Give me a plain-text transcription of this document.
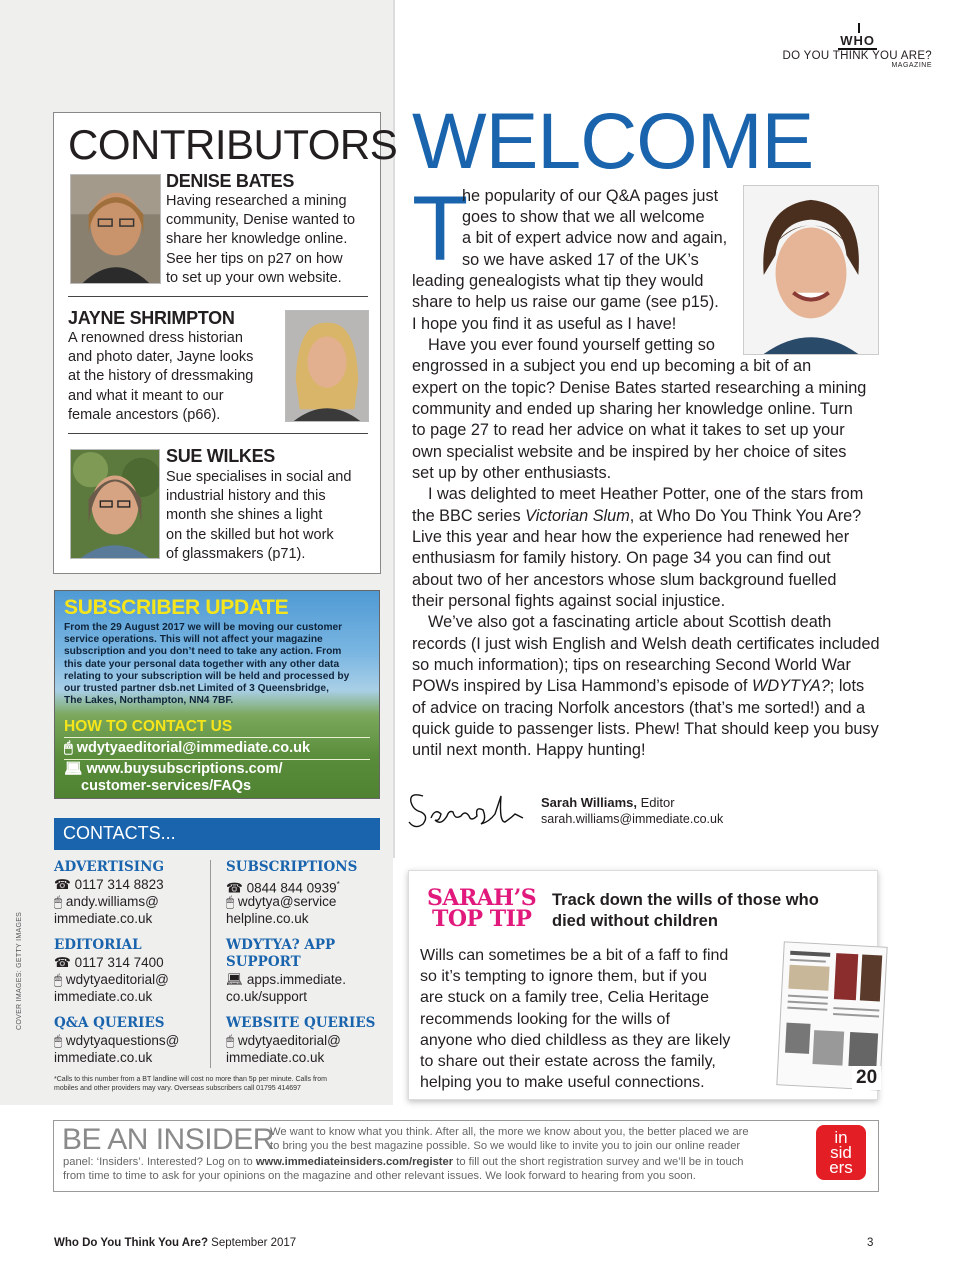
WHO
DO YOU THINK YOU ARE?
MAGAZINE
CONTRIBUTORS
DENISE BATES
Having researched a mining
community, Denise wanted to
share her knowledge online.
See her tips on p27 on how
to set up your own website.
JAYNE SHRIMPTON
A renowned dress historian
and photo dater, Jayne looks
at the history of dressmaking
and what it meant to our
female ancestors (p66).
SUE WILKES
Sue specialises in social and
industrial history and this
month she shines a light
on the skilled but hot work
of glassmakers (p71).
SUBSCRIBER UPDATE
From the 29 August 2017 we will be moving our customer
service operations. This will not affect your magazine
subscription and you don’t need to take any action. From
this date your personal data together with any other data
relating to your subscription will be held and processed by
our trusted partner dsb.net Limited of 3 Queensbridge,
The Lakes, Northampton, NN4 7BF.
HOW TO CONTACT US
🖱︎ wdytyaeditorial@immediate.co.uk
💻︎ www.buysubscriptions.com/
customer-services/FAQs
CONTACTS...
ADVERTISING
☎︎ 0117 314 8823
🖱︎ andy.williams@
immediate.co.uk
SUBSCRIPTIONS
☎︎ 0844 844 0939*
🖱︎ wdytya@service
helpline.co.uk
EDITORIAL
☎︎ 0117 314 7400
🖱︎ wdytyaeditorial@
immediate.co.uk
WDYTYA? APP
SUPPORT
💻︎ apps.immediate.
co.uk/support
Q&A QUERIES
🖱︎ wdytyaquestions@
immediate.co.uk
WEBSITE QUERIES
🖱︎ wdytyaeditorial@
immediate.co.uk
*Calls to this number from a BT landline will cost no more than 5p per minute. Calls from
mobiles and other providers may vary. Overseas subscribers call 01795 414697
COVER IMAGES: GETTY IMAGES
WELCOME
T
he popularity of our Q&A pages just
goes to show that we all welcome
a bit of expert advice now and again,
so we have asked 17 of the UK’s
leading genealogists what tip they would
share to help us raise our game (see p15).
I hope you find it as useful as I have!
Have you ever found yourself getting so
engrossed in a subject you end up becoming a bit of an
expert on the topic? Denise Bates started researching a mining
community and ended up sharing her knowledge online. Turn
to page 27 to read her advice on what it takes to set up your
own specialist website and be inspired by her choice of sites
set up by other enthusiasts.
I was delighted to meet Heather Potter, one of the stars from
the BBC series Victorian Slum, at Who Do You Think You Are?
Live this year and hear how the experience had renewed her
enthusiasm for family history. On page 34 you can find out
about two of her ancestors whose slum background fuelled
their personal fights against social injustice.
We’ve also got a fascinating article about Scottish death
records (I just wish English and Welsh death certificates included
so much information); tips on researching Second World War
POWs inspired by Lisa Hammond’s episode of WDYTYA?; lots
of advice on tracing Norfolk ancestors (that’s me sorted!) and a
quick guide to passenger lists. Phew! That should keep you busy
until next month. Happy hunting!
Sarah Williams, Editor
sarah.williams@immediate.co.uk
SARAH’S
TOP TIP
Track down the wills of those who
died without children
Wills can sometimes be a bit of a faff to find
so it’s tempting to ignore them, but if you
are stuck on a family tree, Celia Heritage
recommends looking for the wills of
anyone who died childless as they are likely
to share out their estate across the family,
helping you to make useful connections.	20
BE AN INSIDER
We want to know what you think. After all, the more we know about you, the better placed we are
to bring you the best magazine possible. So we would like to invite you to join our online reader
panel: ‘Insiders’. Interested? Log on to www.immediateinsiders.com/register to fill out the short registration survey and we’ll be in touch
from time to time to ask for your opinions on the magazine and other relevant issues. We look forward to hearing from you soon.
in
sid
ers
Who Do You Think You Are? September 2017	3
